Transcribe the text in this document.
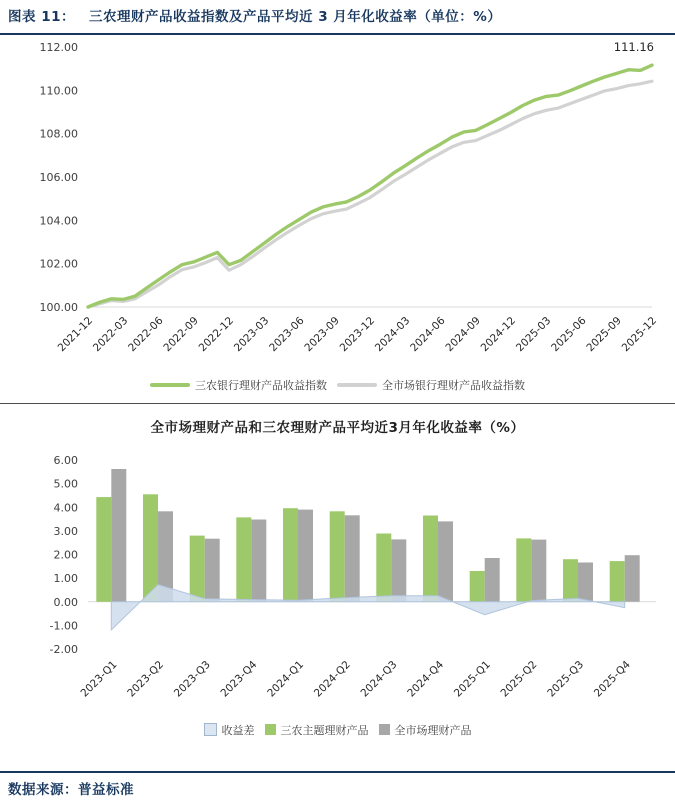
图表 11： 三农理财产品收益指数及产品平均近 3 月年化收益率（单位：%）
112.00
110.00
108.00
106.00
104.00
102.00
100.00
2021-12
2022-03
2022-06
2022-09
2022-12
2023-03
2023-06
2023-09
2023-12
2024-03
2024-06
2024-09
2024-12
2025-03
2025-06
2025-09
2025-12
111.16
三农银行理财产品收益指数	全市场银行理财产品收益指数
全市场理财产品和三农理财产品平均近3月年化收益率（%）
6.00
5.00
4.00
3.00
2.00
1.00
0.00
-1.00
-2.00
2023-Q1 2023-Q2 2023-Q3 2023-Q4 2024-Q1 2024-Q2 2024-Q3 2024-Q4 2025-Q1 2025-Q2 2025-Q3 2025-Q4
收益差 三农主题理财产品 全市场理财产品
数据来源：普益标准
